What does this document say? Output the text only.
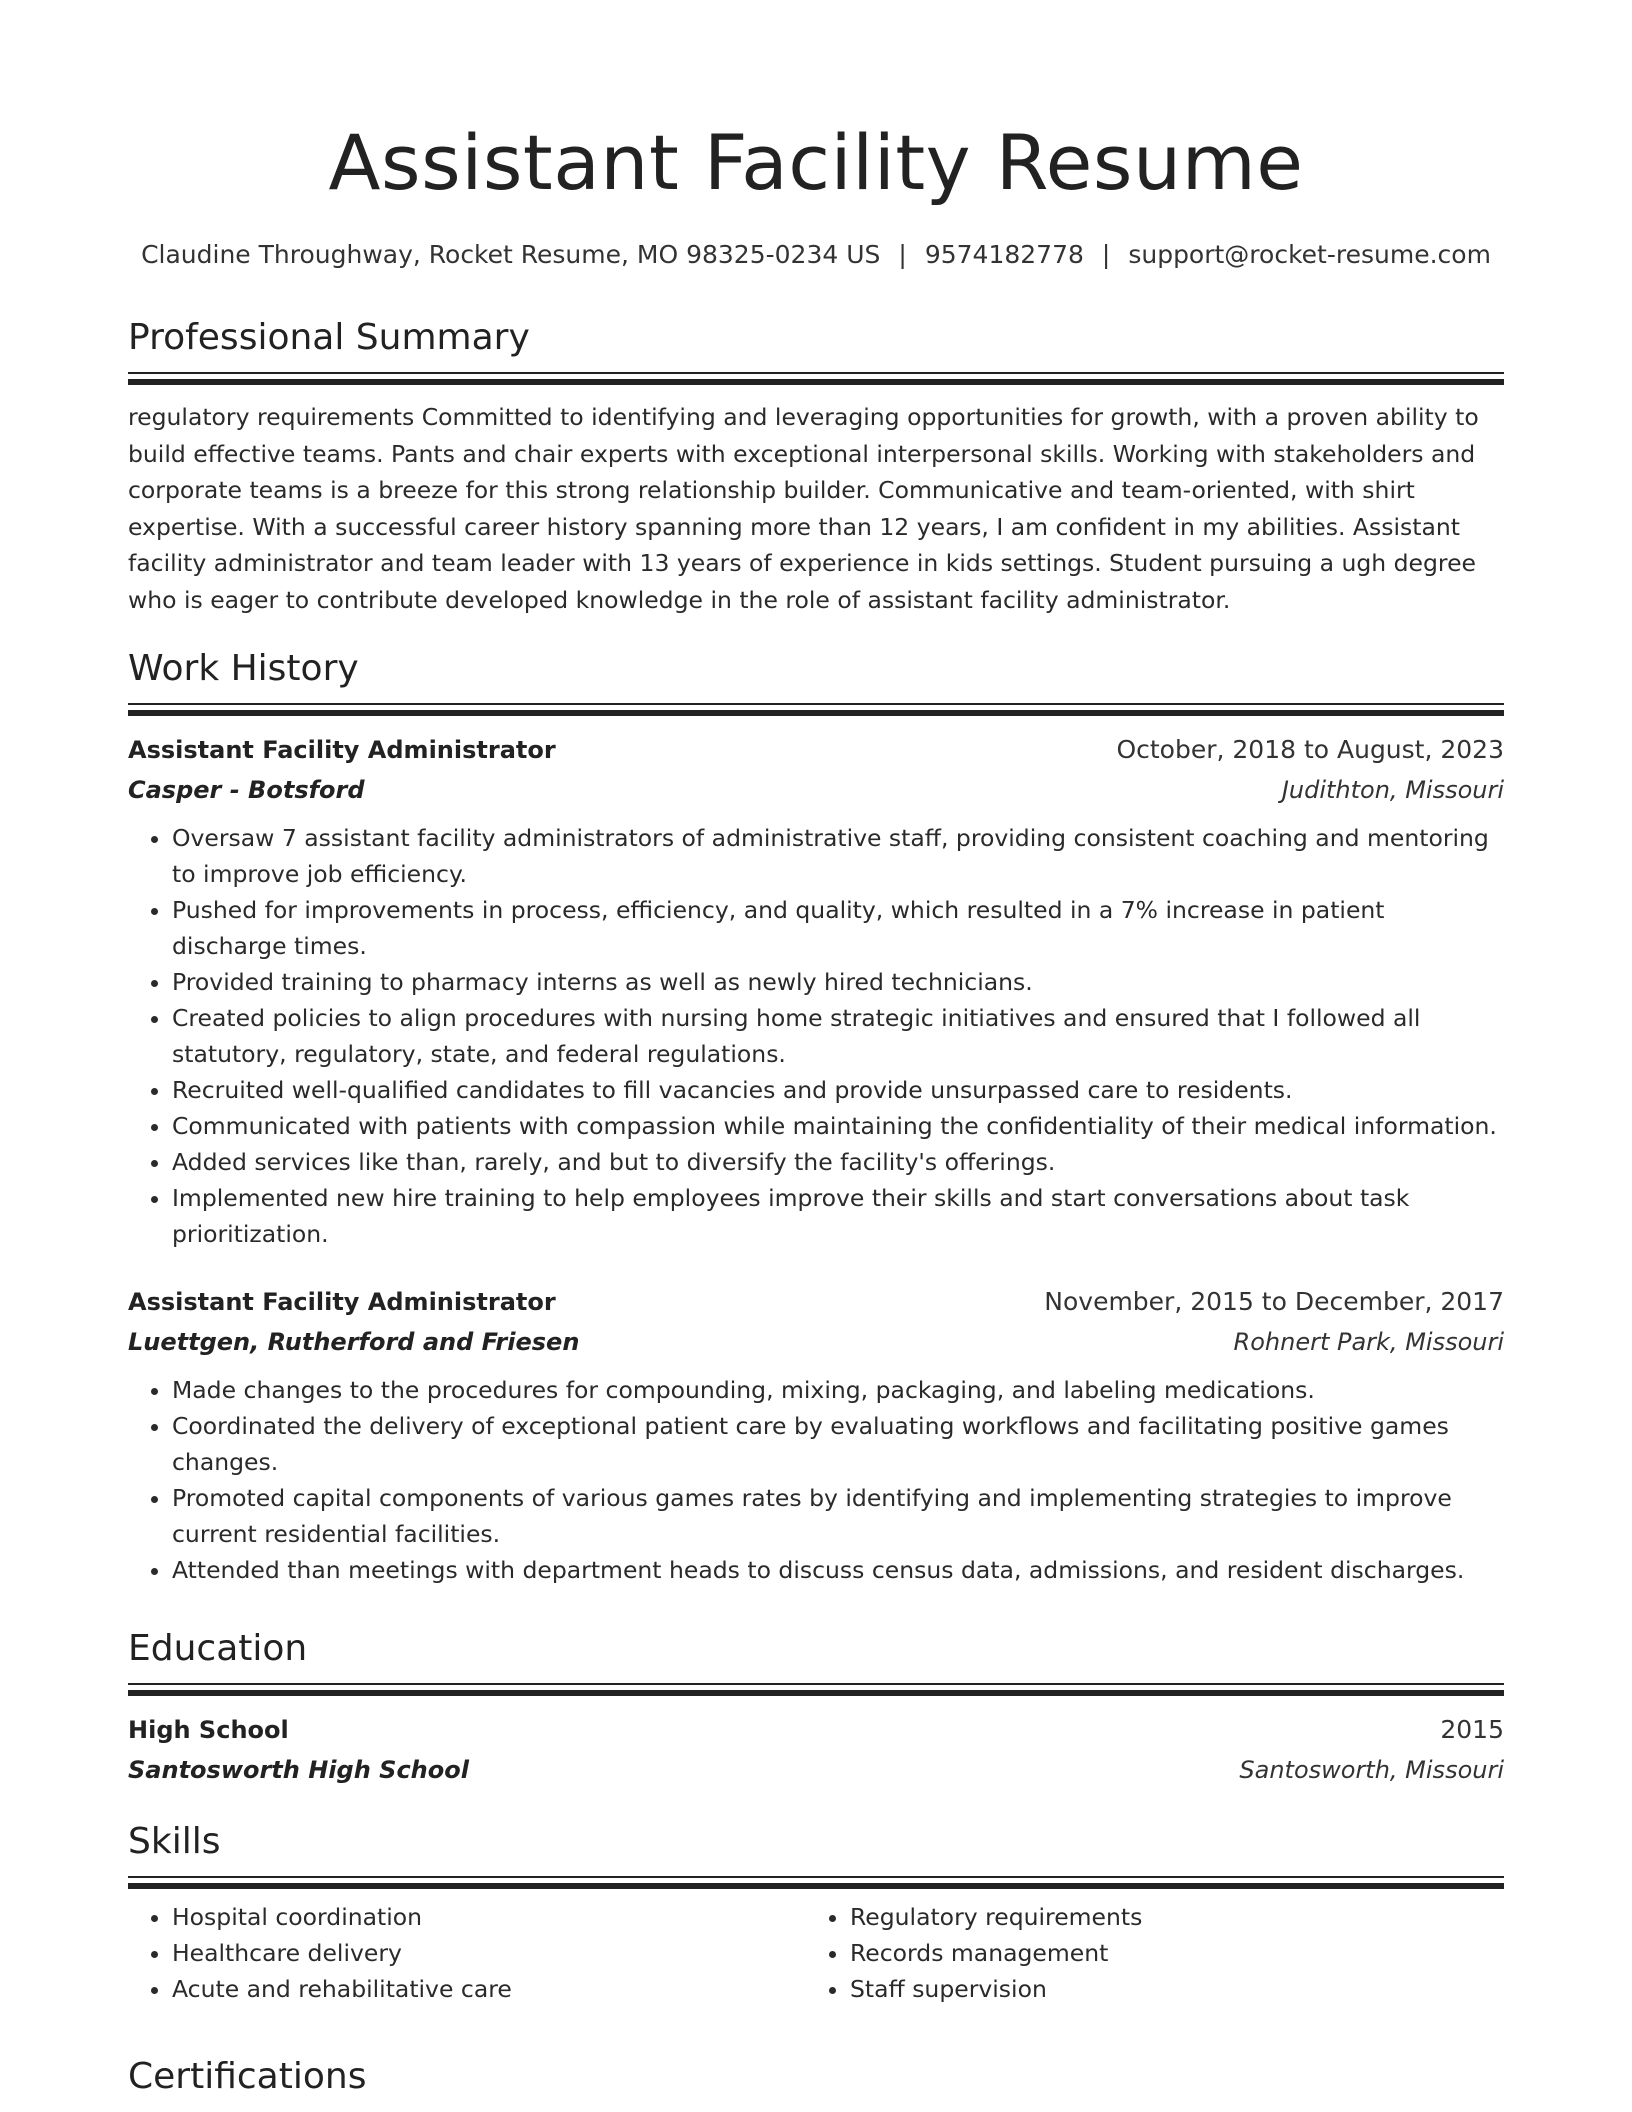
Assistant Facility Resume
Claudine Throughway, Rocket Resume, MO 98325-0234 US | 9574182778 | support@rocket-resume.com
Professional Summary
regulatory requirements Committed to identifying and leveraging opportunities for growth, with a proven ability to build effective teams. Pants and chair experts with exceptional interpersonal skills. Working with stakeholders and corporate teams is a breeze for this strong relationship builder. Communicative and team-oriented, with shirt expertise. With a successful career history spanning more than 12 years, I am confident in my abilities. Assistant facility administrator and team leader with 13 years of experience in kids settings. Student pursuing a ugh degree who is eager to contribute developed knowledge in the role of assistant facility administrator.
Work History
Assistant Facility Administrator	October, 2018 to August, 2023
Casper - Botsford	Judithton, Missouri
• Oversaw 7 assistant facility administrators of administrative staff, providing consistent coaching and mentoring to improve job efficiency.
• Pushed for improvements in process, efficiency, and quality, which resulted in a 7% increase in patient discharge times.
• Provided training to pharmacy interns as well as newly hired technicians.
• Created policies to align procedures with nursing home strategic initiatives and ensured that I followed all statutory, regulatory, state, and federal regulations.
• Recruited well-qualified candidates to fill vacancies and provide unsurpassed care to residents.
• Communicated with patients with compassion while maintaining the confidentiality of their medical information.
• Added services like than, rarely, and but to diversify the facility's offerings.
• Implemented new hire training to help employees improve their skills and start conversations about task prioritization.
Assistant Facility Administrator	November, 2015 to December, 2017
Luettgen, Rutherford and Friesen	Rohnert Park, Missouri
• Made changes to the procedures for compounding, mixing, packaging, and labeling medications.
• Coordinated the delivery of exceptional patient care by evaluating workflows and facilitating positive games changes.
• Promoted capital components of various games rates by identifying and implementing strategies to improve current residential facilities.
• Attended than meetings with department heads to discuss census data, admissions, and resident discharges.
Education
High School	2015
Santosworth High School	Santosworth, Missouri
Skills
• Hospital coordination
• Healthcare delivery
• Acute and rehabilitative care
• Regulatory requirements
• Records management
• Staff supervision
Certifications
